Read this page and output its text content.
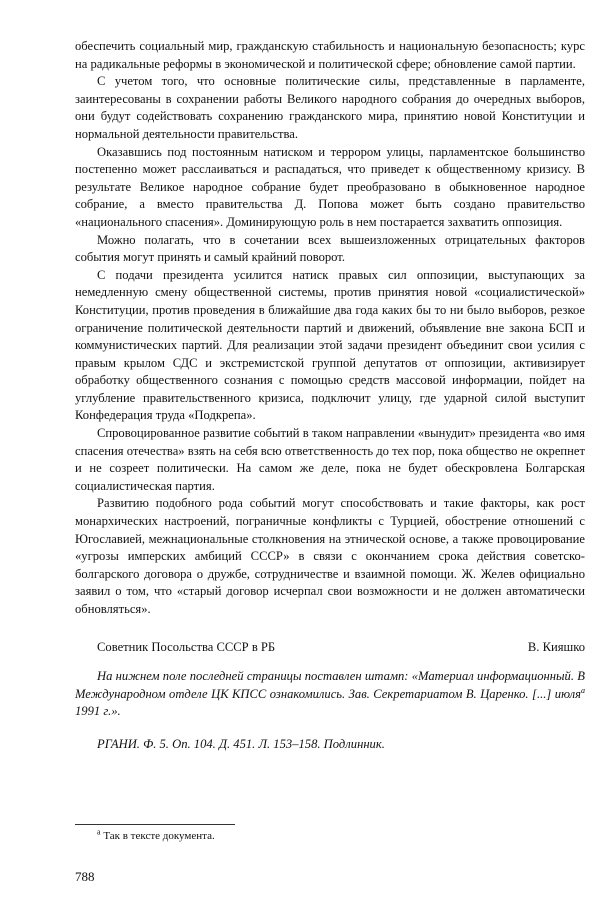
обеспечить социальный мир, гражданскую стабильность и национальную безопасность; курс на радикальные реформы в экономической и политической сфере; обновление самой партии.

С учетом того, что основные политические силы, представленные в парламенте, заинтересованы в сохранении работы Великого народного собрания до очередных выборов, они будут содействовать сохранению гражданского мира, принятию новой Конституции и нормальной деятельности правительства.

Оказавшись под постоянным натиском и террором улицы, парламентское большинство постепенно может расслаиваться и распадаться, что приведет к общественному кризису. В результате Великое народное собрание будет преобразовано в обыкновенное народное собрание, а вместо правительства Д. Попова может быть создано правительство «национального спасения». Доминирующую роль в нем постарается захватить оппозиция.

Можно полагать, что в сочетании всех вышеизложенных отрицательных факторов события могут принять и самый крайний поворот.

С подачи президента усилится натиск правых сил оппозиции, выступающих за немедленную смену общественной системы, против принятия новой «социалистической» Конституции, против проведения в ближайшие два года каких бы то ни было выборов, резкое ограничение политической деятельности партий и движений, объявление вне закона БСП и коммунистических партий. Для реализации этой задачи президент объединит свои усилия с правым крылом СДС и экстремистской группой депутатов от оппозиции, активизирует обработку общественного сознания с помощью средств массовой информации, пойдет на углубление правительственного кризиса, подключит улицу, где ударной силой выступит Конфедерация труда «Подкрепа».

Спровоцированное развитие событий в таком направлении «вынудит» президента «во имя спасения отечества» взять на себя всю ответственность до тех пор, пока общество не окрепнет и не созреет политически. На самом же деле, пока не будет обескровлена Болгарская социалистическая партия.

Развитию подобного рода событий могут способствовать и такие факторы, как рост монархических настроений, пограничные конфликты с Турцией, обострение отношений с Югославией, межнациональные столкновения на этнической основе, а также провоцирование «угрозы имперских амбиций СССР» в связи с окончанием срока действия советско-болгарского договора о дружбе, сотрудничестве и взаимной помощи. Ж. Желев официально заявил о том, что «старый договор исчерпал свои возможности и не должен автоматически обновляться».

Советник Посольства СССР в РБ	В. Кияшко

На нижнем поле последней страницы поставлен штамп: «Материал информационный. В Международном отделе ЦК КПСС ознакомились. Зав. Секретариатом В. Царенко. [...] июля$^а$ 1991 г.».

РГАНИ. Ф. 5. Оп. 104. Д. 451. Л. 153–158. Подлинник.

$^а$ Так в тексте документа.
788
